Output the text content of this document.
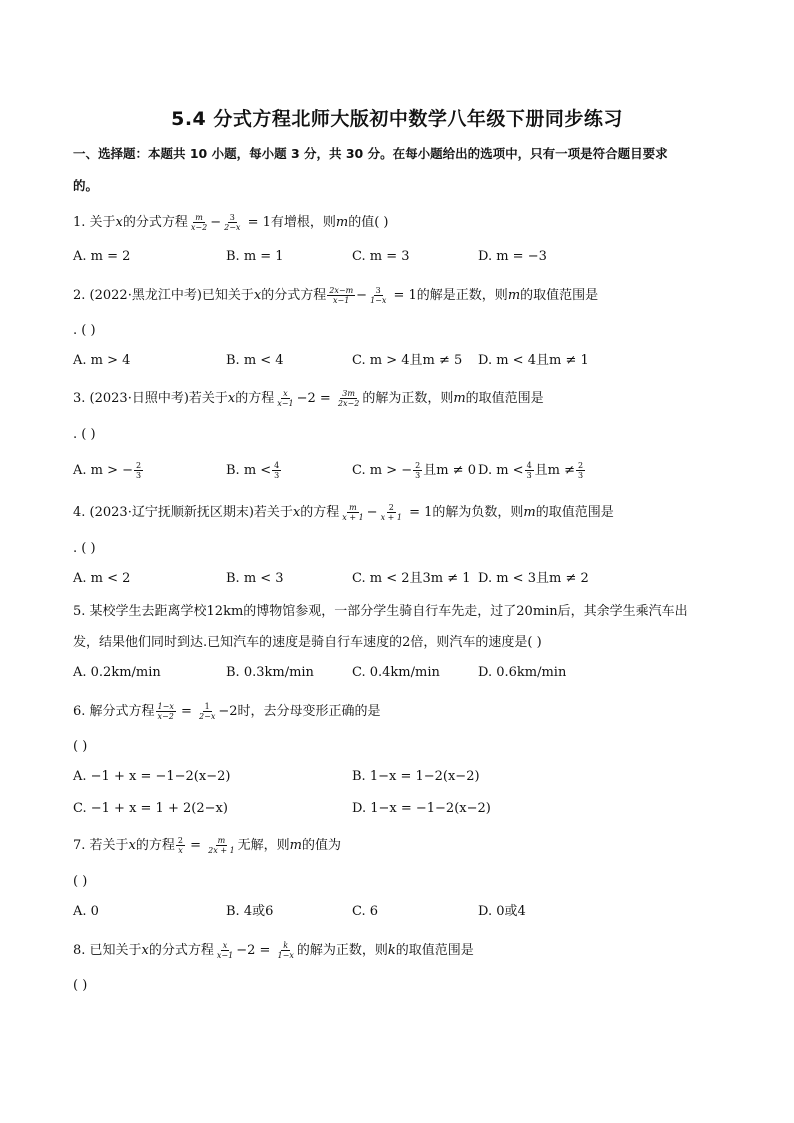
5.4 分式方程北师大版初中数学八年级下册同步练习
一、选择题：本题共 10 小题，每小题 3 分，共 30 分。在每小题给出的选项中，只有一项是符合题目要求
的。
1. 关于x的分式方程 $\frac{m}{x-2} - \frac{3}{2-x} = 1$有增根，则m的值( )
A. m = 2	B. m = 1	C. m = 3	D. m = −3
2. (2022·黑龙江中考)已知关于x的分式方程 $\frac{2x-m}{x-1} - \frac{3}{1-x} = 1$的解是正数，则m的取值范围是
. ( )
A. m > 4	B. m < 4	C. m > 4且m ≠ 5 D. m < 4且m ≠ 1
3. (2023·日照中考)若关于x的方程 $\frac{x}{x-1} -2 = \frac{3m}{2x-2}$ 的解为正数，则m的取值范围是
. ( )
A. m > − $\frac{2}{3}$	B. $m < \frac{4}{3}$	C. m > − $\frac{2}{3}$ 且m ≠ 0 D. $m < \frac{4}{3}$ 且$m \ne \frac{2}{3}$
4. (2023·辽宁抚顺新抚区期末)若关于x的方程 $\frac{m}{x + 1} - \frac{2}{x + 1} = 1$的解为负数，则m的取值范围是
. ( )
A. m < 2	B. m < 3	C. m < 2且3m ≠ 1 D. m < 3且m ≠ 2
5. 某校学生去距离学校12km的博物馆参观，一部分学生骑自行车先走，过了20min后，其余学生乘汽车出
发，结果他们同时到达.已知汽车的速度是骑自行车速度的2倍，则汽车的速度是( )
A. 0.2km/min	B. 0.3km/min	C. 0.4km/min	D. 0.6km/min
6. 解分式方程 $\frac{1-x}{x-2} = \frac{1}{2-x} -2$时，去分母变形正确的是
( )
A. −1 + x = −1−2(x−2)	B. 1−x = 1−2(x−2)
C. −1 + x = 1 + 2(2−x)	D. 1−x = −1−2(x−2)
7. 若关于x的方程 $\frac{2}{x} = \frac{m}{2x + 1}$ 无解，则m的值为
( )
A. 0	B. 4或6	C. 6	D. 0或4
8. 已知关于x的分式方程 $\frac{x}{x-1} -2 = \frac{k}{1-x}$ 的解为正数，则k的取值范围是
( )
